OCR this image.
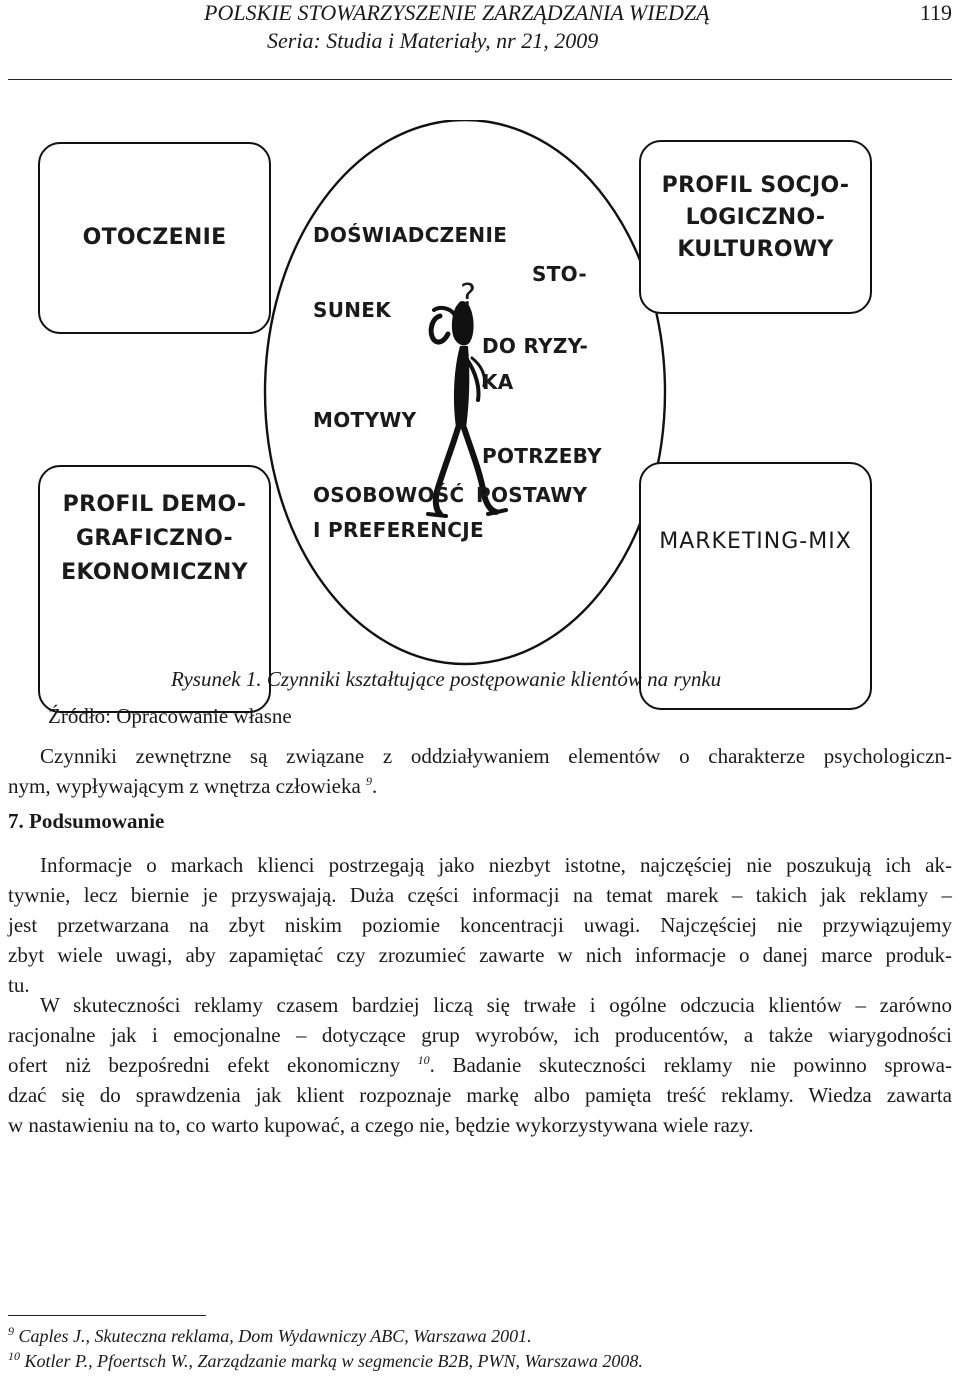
POLSKIE STOWARZYSZENIE ZARZĄDZANIA WIEDZĄ	119
Seria: Studia i Materiały, nr 21, 2009
OTOCZENIE
PROFIL SOCJO-
LOGICZNO-
KULTUROWY
PROFIL DEMO-
GRAFICZNO-
EKONOMICZNY
MARKETING-MIX
?
DOŚWIADCZENIE
STO-
SUNEK
DO RYZY-
KA
MOTYWY
POTRZEBY
OSOBOWOŚĆ POSTAWY
I PREFERENCJE
Rysunek 1. Czynniki kształtujące postępowanie klientów na rynku
Źródło: Opracowanie własne
Czynniki zewnętrzne są związane z oddziaływaniem elementów o charakterze psychologiczn-
nym, wypływającym z wnętrza człowieka $^9$.
7. Podsumowanie
Informacje o markach klienci postrzegają jako niezbyt istotne, najczęściej nie poszukują ich ak-
tywnie, lecz biernie je przyswajają. Duża części informacji na temat marek – takich jak reklamy –
jest przetwarzana na zbyt niskim poziomie koncentracji uwagi. Najczęściej nie przywiązujemy
zbyt wiele uwagi, aby zapamiętać czy zrozumieć zawarte w nich informacje o danej marce produk-
tu.
W skuteczności reklamy czasem bardziej liczą się trwałe i ogólne odczucia klientów – zarówno
racjonalne jak i emocjonalne – dotyczące grup wyrobów, ich producentów, a także wiarygodności
ofert niż bezpośredni efekt ekonomiczny $^{10}$. Badanie skuteczności reklamy nie powinno sprowa-
dzać się do sprawdzenia jak klient rozpoznaje markę albo pamięta treść reklamy. Wiedza zawarta
w nastawieniu na to, co warto kupować, a czego nie, będzie wykorzystywana wiele razy.
$^9$ Caples J., Skuteczna reklama, Dom Wydawniczy ABC, Warszawa 2001.
$^{10}$ Kotler P., Pfoertsch W., Zarządzanie marką w segmencie B2B, PWN, Warszawa 2008.
